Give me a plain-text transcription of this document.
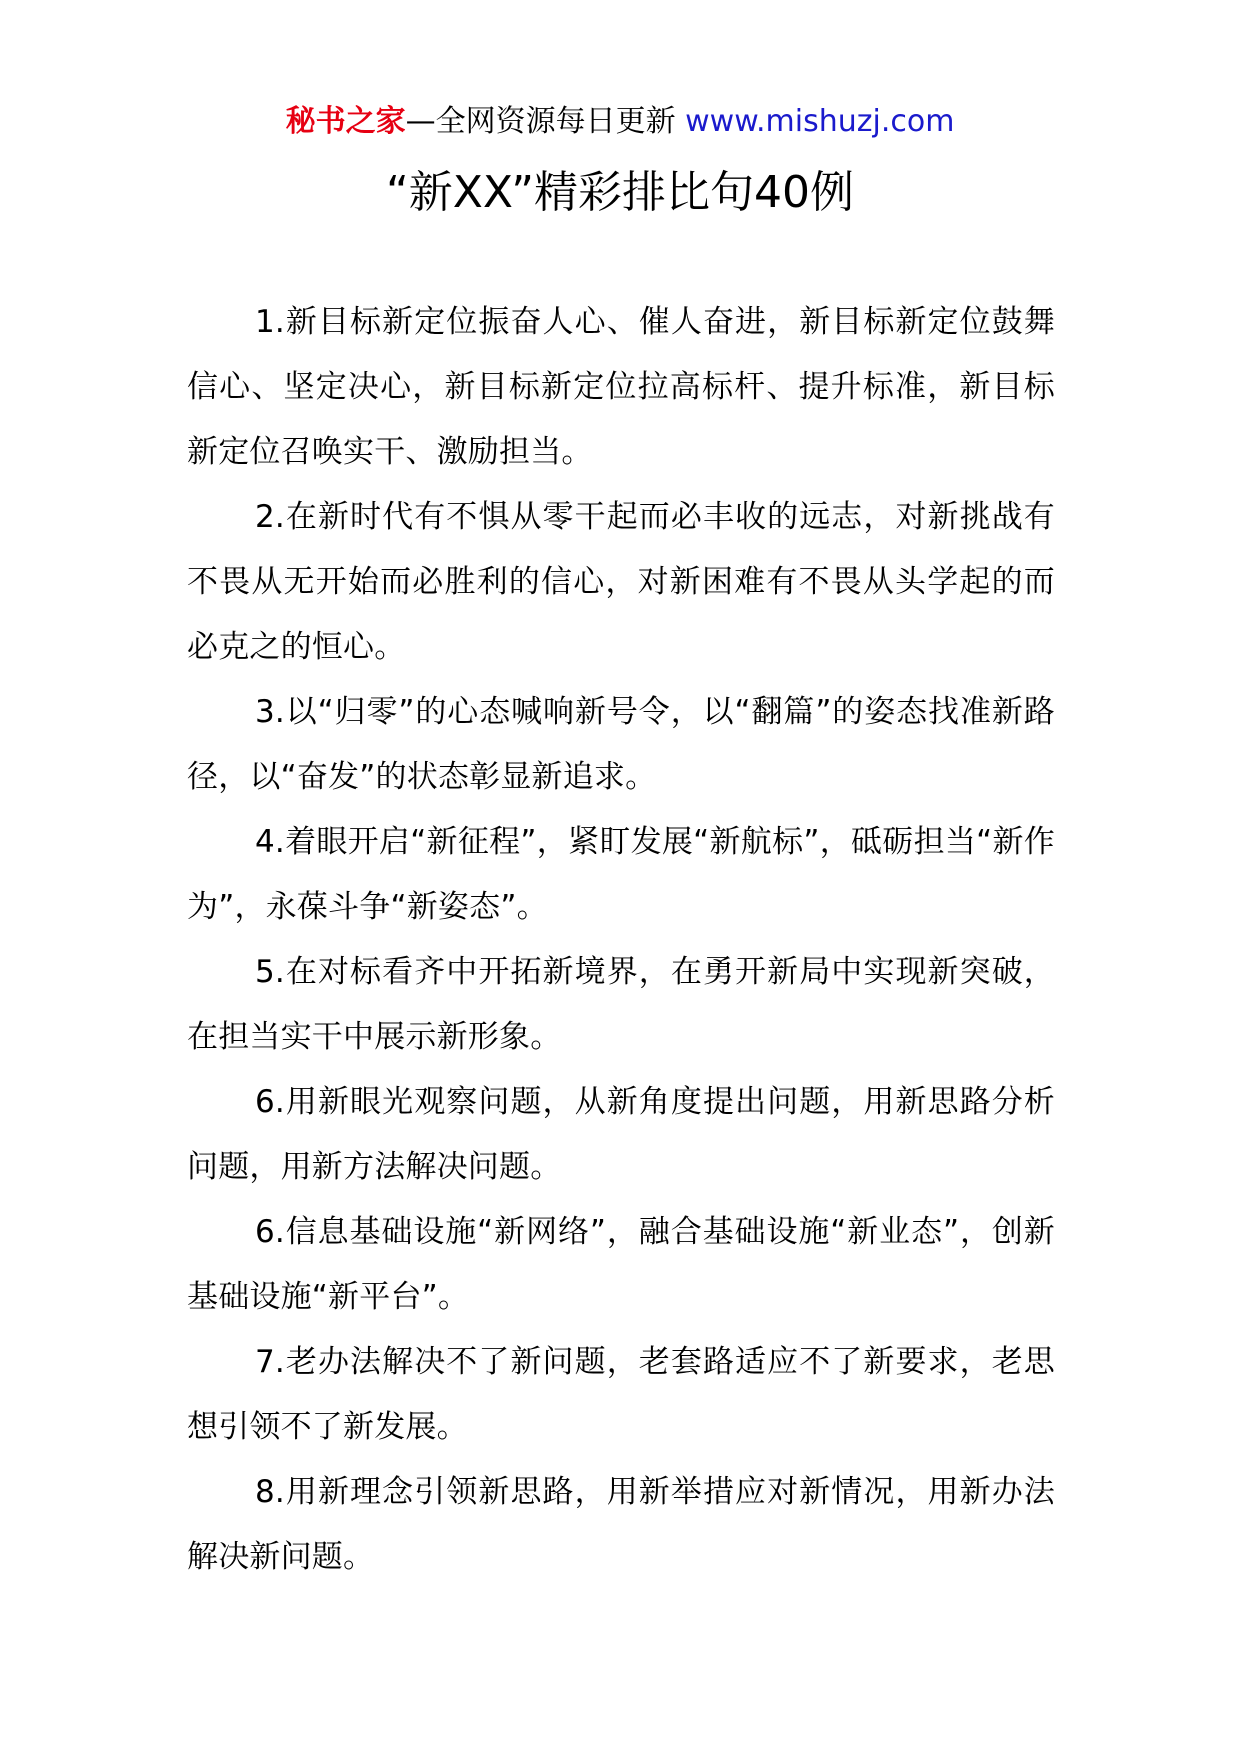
秘书之家—全网资源每日更新 www.mishuzj.com
“新XX”精彩排比句40例

1.新目标新定位振奋人心、催人奋进，新目标新定位鼓舞信心、坚定决心，新目标新定位拉高标杆、提升标准，新目标新定位召唤实干、激励担当。

2.在新时代有不惧从零干起而必丰收的远志，对新挑战有不畏从无开始而必胜利的信心，对新困难有不畏从头学起的而必克之的恒心。

3.以“归零”的心态喊响新号令，以“翻篇”的姿态找准新路径，以“奋发”的状态彰显新追求。

4.着眼开启“新征程”，紧盯发展“新航标”，砥砺担当“新作为”，永葆斗争“新姿态”。

5.在对标看齐中开拓新境界，在勇开新局中实现新突破，在担当实干中展示新形象。

6.用新眼光观察问题，从新角度提出问题，用新思路分析问题，用新方法解决问题。

6.信息基础设施“新网络”，融合基础设施“新业态”，创新基础设施“新平台”。

7.老办法解决不了新问题，老套路适应不了新要求，老思想引领不了新发展。

8.用新理念引领新思路，用新举措应对新情况，用新办法解决新问题。
